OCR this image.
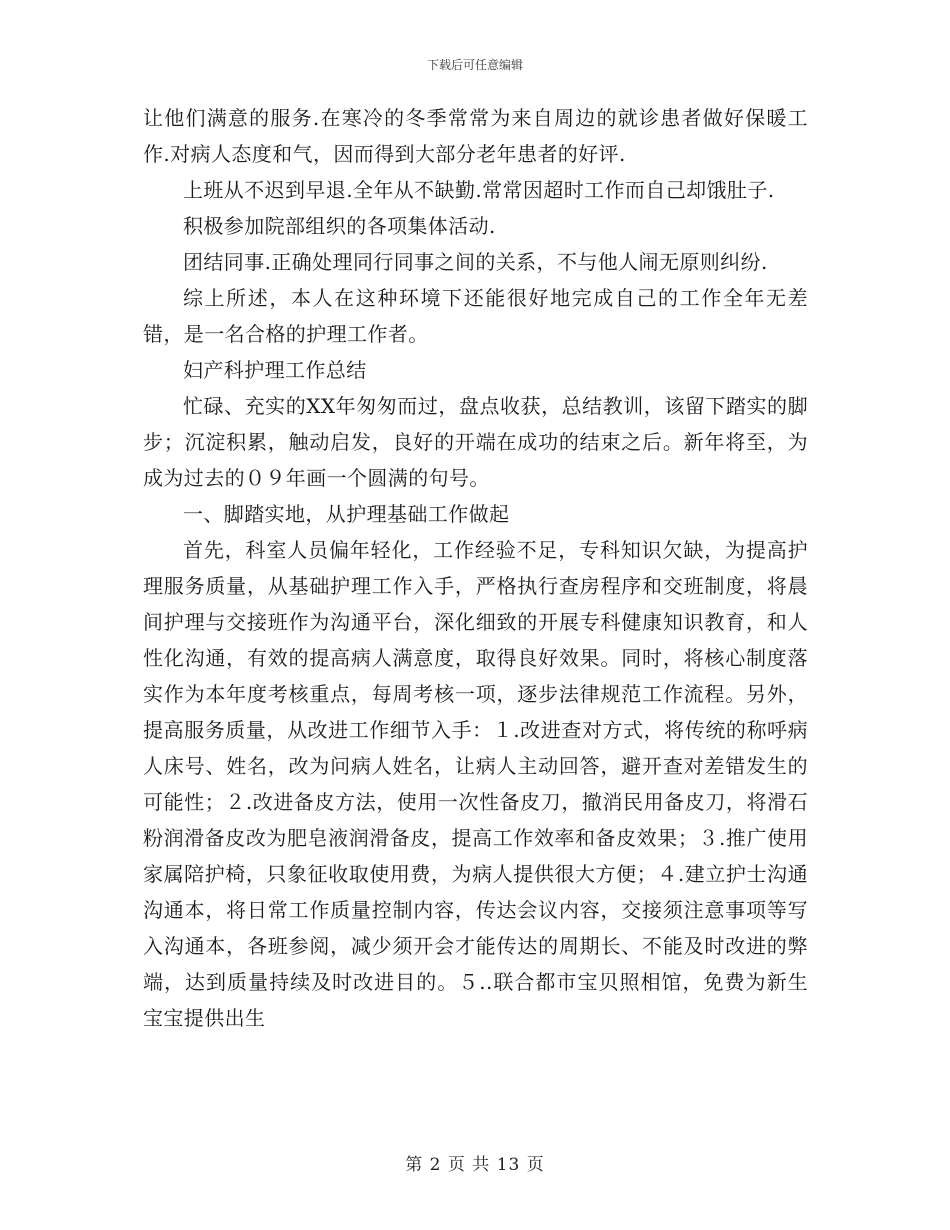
下载后可任意编辑

让他们满意的服务.在寒冷的冬季常常为来自周边的就诊患者做好保暖工作.对病人态度和气，因而得到大部分老年患者的好评.

上班从不迟到早退.全年从不缺勤.常常因超时工作而自己却饿肚子.

积极参加院部组织的各项集体活动.

团结同事.正确处理同行同事之间的关系，不与他人闹无原则纠纷.

综上所述，本人在这种环境下还能很好地完成自己的工作全年无差错，是一名合格的护理工作者。

妇产科护理工作总结

忙碌、充实的XX年匆匆而过，盘点收获，总结教训，该留下踏实的脚步；沉淀积累，触动启发，良好的开端在成功的结束之后。新年将至，为成为过去的０９年画一个圆满的句号。

一、脚踏实地，从护理基础工作做起

首先，科室人员偏年轻化，工作经验不足，专科知识欠缺，为提高护理服务质量，从基础护理工作入手，严格执行查房程序和交班制度，将晨间护理与交接班作为沟通平台，深化细致的开展专科健康知识教育，和人性化沟通，有效的提高病人满意度，取得良好效果。同时，将核心制度落实作为本年度考核重点，每周考核一项，逐步法律规范工作流程。另外，提高服务质量，从改进工作细节入手：１.改进查对方式，将传统的称呼病人床号、姓名，改为问病人姓名，让病人主动回答，避开查对差错发生的可能性；２.改进备皮方法，使用一次性备皮刀，撤消民用备皮刀，将滑石粉润滑备皮改为肥皂液润滑备皮，提高工作效率和备皮效果；３.推广使用家属陪护椅，只象征收取使用费，为病人提供很大方便；４.建立护士沟通沟通本，将日常工作质量控制内容，传达会议内容，交接须注意事项等写入沟通本，各班参阅，减少须开会才能传达的周期长、不能及时改进的弊端，达到质量持续及时改进目的。５..联合都市宝贝照相馆，免费为新生宝宝提供出生

第 2 页 共 13 页
